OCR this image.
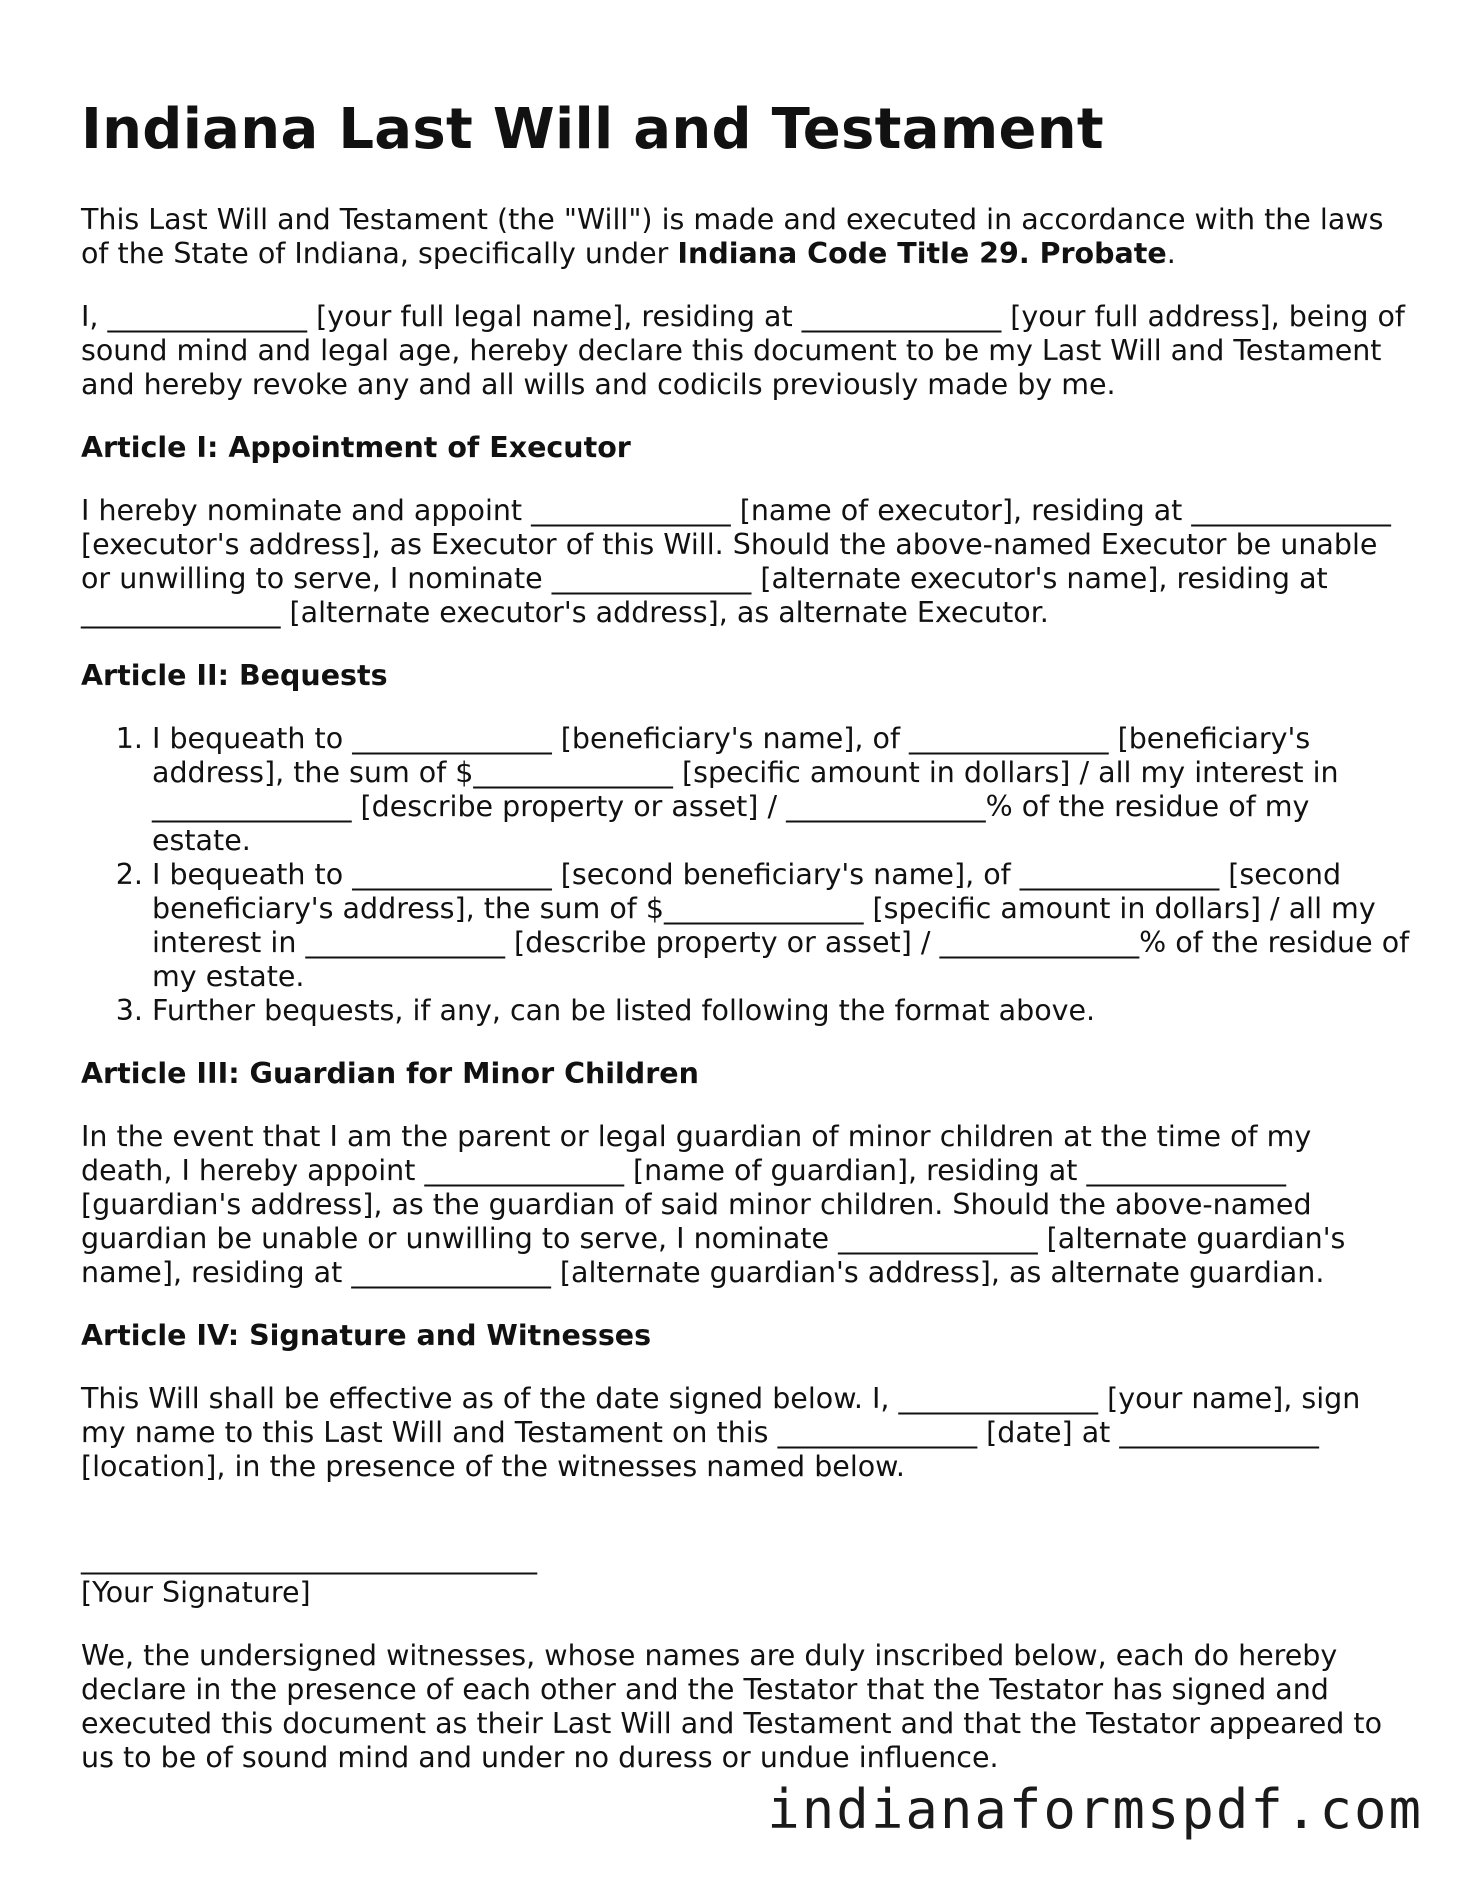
Indiana Last Will and Testament

This Last Will and Testament (the "Will") is made and executed in accordance with the laws of the State of Indiana, specifically under Indiana Code Title 29. Probate.

I, ______________ [your full legal name], residing at ______________ [your full address], being of sound mind and legal age, hereby declare this document to be my Last Will and Testament and hereby revoke any and all wills and codicils previously made by me.

Article I: Appointment of Executor

I hereby nominate and appoint ______________ [name of executor], residing at ______________ [executor's address], as Executor of this Will. Should the above-named Executor be unable or unwilling to serve, I nominate ______________ [alternate executor's name], residing at ______________ [alternate executor's address], as alternate Executor.

Article II: Bequests
1. I bequeath to ______________ [beneficiary's name], of ______________ [beneficiary's address], the sum of $______________ [specific amount in dollars] / all my interest in ______________ [describe property or asset] / ______________% of the residue of my estate.
2. I bequeath to ______________ [second beneficiary's name], of ______________ [second beneficiary's address], the sum of $______________ [specific amount in dollars] / all my interest in ______________ [describe property or asset] / ______________% of the residue of my estate.
3. Further bequests, if any, can be listed following the format above.
Article III: Guardian for Minor Children

In the event that I am the parent or legal guardian of minor children at the time of my death, I hereby appoint ______________ [name of guardian], residing at ______________ [guardian's address], as the guardian of said minor children. Should the above-named guardian be unable or unwilling to serve, I nominate ______________ [alternate guardian's name], residing at ______________ [alternate guardian's address], as alternate guardian.

Article IV: Signature and Witnesses

This Will shall be effective as of the date signed below. I, ______________ [your name], sign my name to this Last Will and Testament on this ______________ [date] at ______________ [location], in the presence of the witnesses named below.

________________________________

[Your Signature]

We, the undersigned witnesses, whose names are duly inscribed below, each do hereby declare in the presence of each other and the Testator that the Testator has signed and executed this document as their Last Will and Testament and that the Testator appeared to us to be of sound mind and under no duress or undue influence.

indianaformspdf.com
